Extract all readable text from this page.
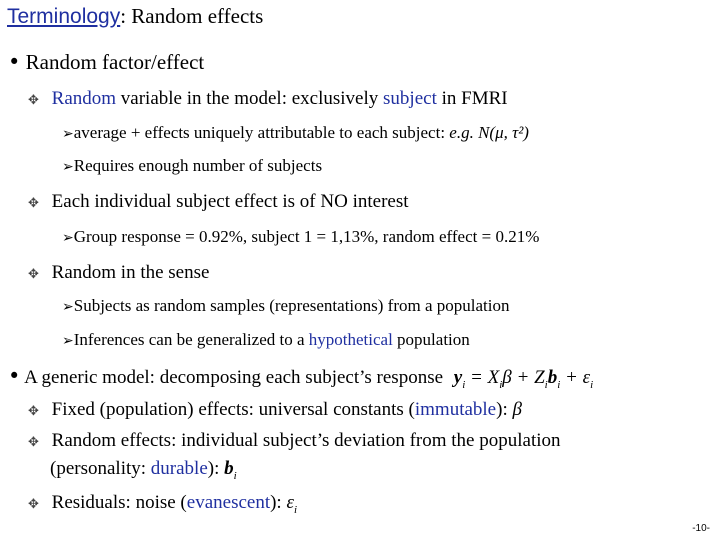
Terminology: Random effects
• Random factor/effect
✥ Random variable in the model: exclusively subject in FMRI
➢average + effects uniquely attributable to each subject: e.g. N(μ, τ²)
➢Requires enough number of subjects
✥ Each individual subject effect is of NO interest
➢Group response = 0.92%, subject 1 = 1,13%, random effect = 0.21%
✥ Random in the sense
➢Subjects as random samples (representations) from a population
➢Inferences can be generalized to a hypothetical population
• A generic model: decomposing each subject’s response $y_i = X_i\beta + Z_ib_i + \varepsilon_i$
✥ Fixed (population) effects: universal constants (immutable): β
✥ Random effects: individual subject’s deviation from the population
(personality: durable): $b_i$
✥ Residuals: noise (evanescent): $\varepsilon_i$
-10-
